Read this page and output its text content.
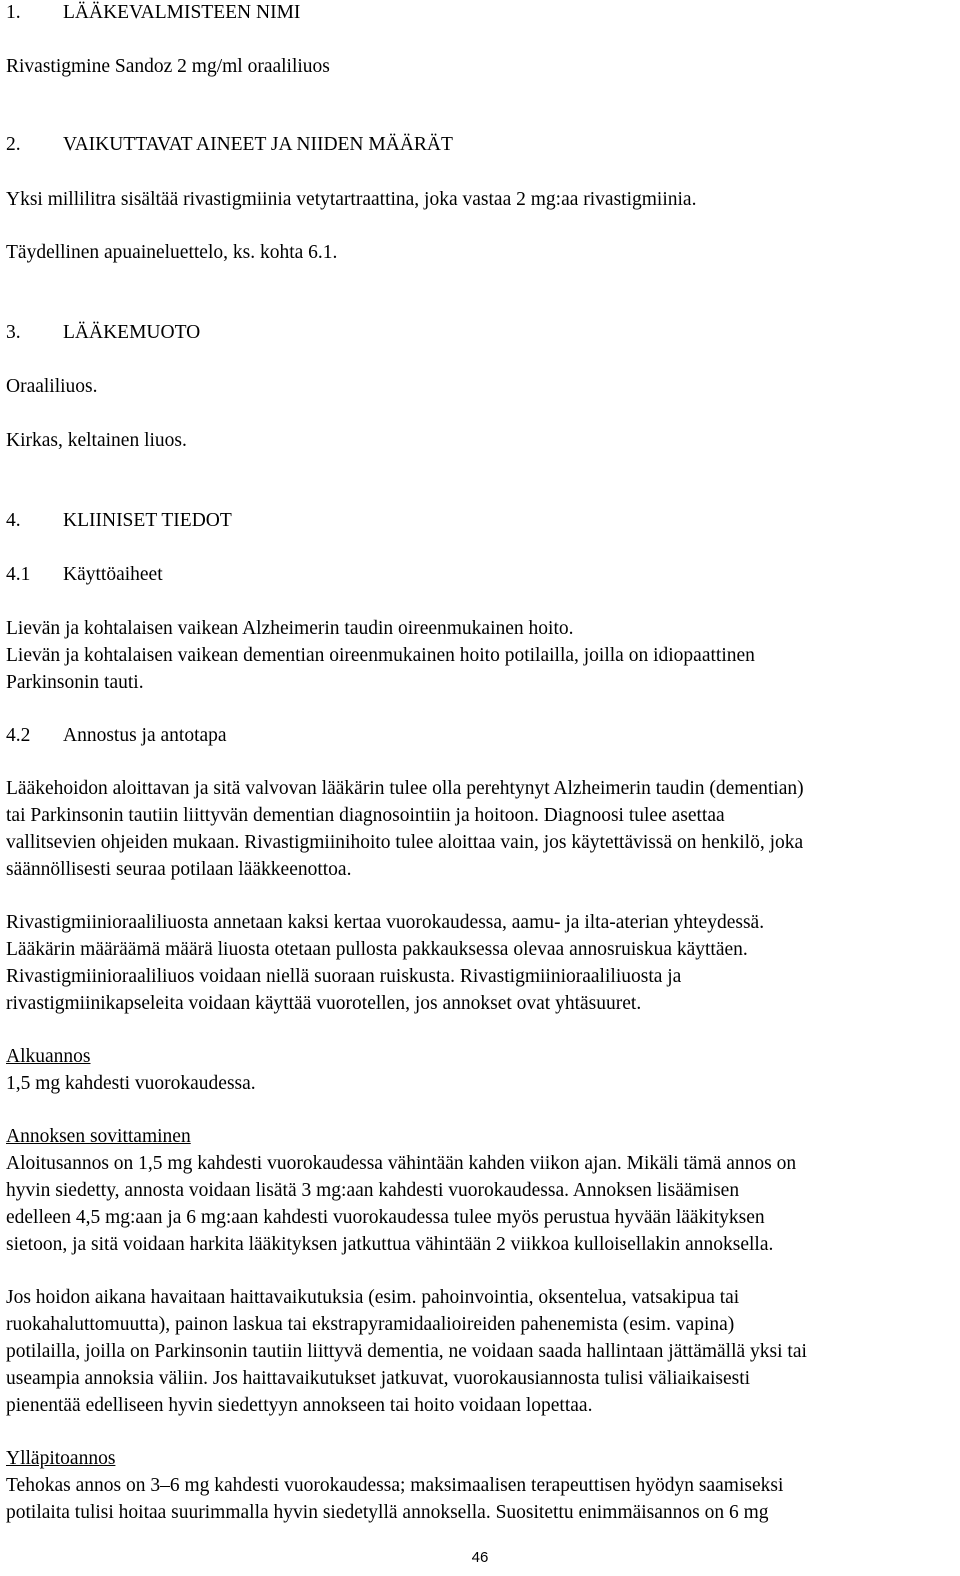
1. LÄÄKEVALMISTEEN NIMI
Rivastigmine Sandoz 2 mg/ml oraaliliuos
2. VAIKUTTAVAT AINEET JA NIIDEN MÄÄRÄT
Yksi millilitra sisältää rivastigmiinia vetytartraattina, joka vastaa 2 mg:aa rivastigmiinia.
Täydellinen apuaineluettelo, ks. kohta 6.1.
3. LÄÄKEMUOTO
Oraaliliuos.
Kirkas, keltainen liuos.
4. KLIINISET TIEDOT
4.1 Käyttöaiheet
Lievän ja kohtalaisen vaikean Alzheimerin taudin oireenmukainen hoito.
Lievän ja kohtalaisen vaikean dementian oireenmukainen hoito potilailla, joilla on idiopaattinen
Parkinsonin tauti.
4.2 Annostus ja antotapa
Lääkehoidon aloittavan ja sitä valvovan lääkärin tulee olla perehtynyt Alzheimerin taudin (dementian)
tai Parkinsonin tautiin liittyvän dementian diagnosointiin ja hoitoon. Diagnoosi tulee asettaa
vallitsevien ohjeiden mukaan. Rivastigmiinihoito tulee aloittaa vain, jos käytettävissä on henkilö, joka
säännöllisesti seuraa potilaan lääkkeenottoa.
Rivastigmiinioraaliliuosta annetaan kaksi kertaa vuorokaudessa, aamu- ja ilta-aterian yhteydessä.
Lääkärin määräämä määrä liuosta otetaan pullosta pakkauksessa olevaa annosruiskua käyttäen.
Rivastigmiinioraaliliuos voidaan niellä suoraan ruiskusta. Rivastigmiinioraaliliuosta ja
rivastigmiinikapseleita voidaan käyttää vuorotellen, jos annokset ovat yhtäsuuret.
Alkuannos
1,5 mg kahdesti vuorokaudessa.
Annoksen sovittaminen
Aloitusannos on 1,5 mg kahdesti vuorokaudessa vähintään kahden viikon ajan. Mikäli tämä annos on
hyvin siedetty, annosta voidaan lisätä 3 mg:aan kahdesti vuorokaudessa. Annoksen lisäämisen
edelleen 4,5 mg:aan ja 6 mg:aan kahdesti vuorokaudessa tulee myös perustua hyvään lääkityksen
sietoon, ja sitä voidaan harkita lääkityksen jatkuttua vähintään 2 viikkoa kulloisellakin annoksella.
Jos hoidon aikana havaitaan haittavaikutuksia (esim. pahoinvointia, oksentelua, vatsakipua tai
ruokahaluttomuutta), painon laskua tai ekstrapyramidaalioireiden pahenemista (esim. vapina)
potilailla, joilla on Parkinsonin tautiin liittyvä dementia, ne voidaan saada hallintaan jättämällä yksi tai
useampia annoksia väliin. Jos haittavaikutukset jatkuvat, vuorokausiannosta tulisi väliaikaisesti
pienentää edelliseen hyvin siedettyyn annokseen tai hoito voidaan lopettaa.
Ylläpitoannos
Tehokas annos on 3–6 mg kahdesti vuorokaudessa; maksimaalisen terapeuttisen hyödyn saamiseksi
potilaita tulisi hoitaa suurimmalla hyvin siedetyllä annoksella. Suositettu enimmäisannos on 6 mg
46
